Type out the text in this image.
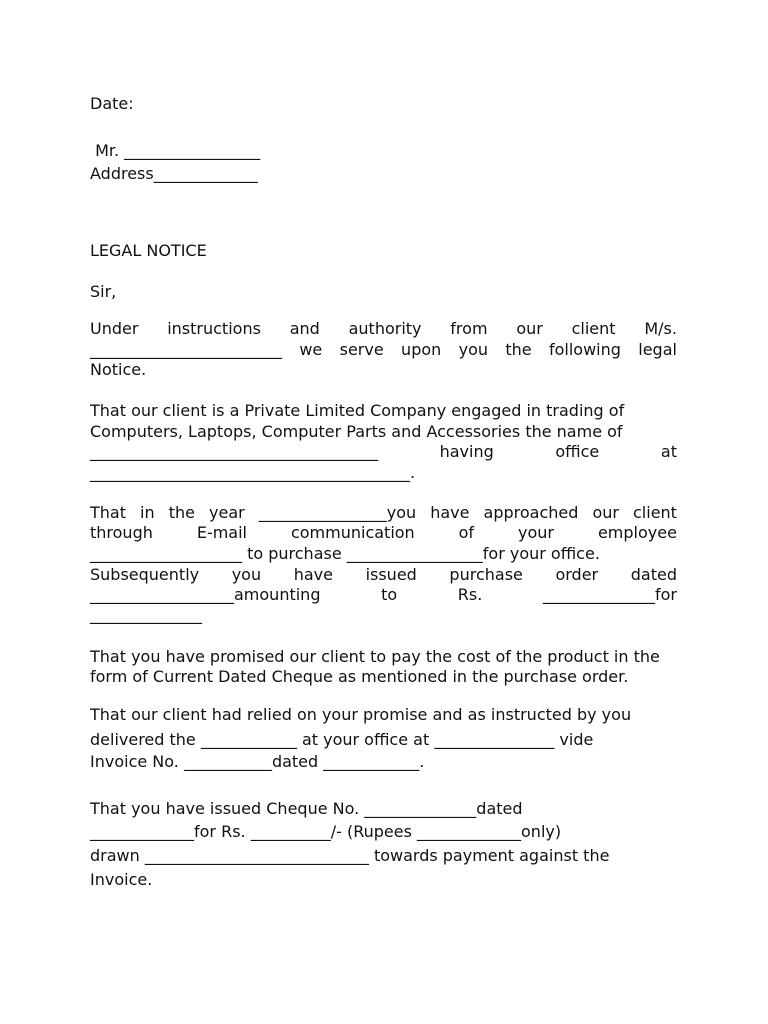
Date:
Mr. _________________
Address_____________
LEGAL NOTICE
Sir,
Under instructions and authority from our client M/s.
________________________ we serve upon you the following legal
Notice.
That our client is a Private Limited Company engaged in trading of
Computers, Laptops, Computer Parts and Accessories the name of
____________________________________	having	office	at
________________________________________.
That in the year ________________you have approached our client
through	E-mail	communication	of	your	employee
___________________ to purchase _________________for your office.
Subsequently you have issued purchase order dated
__________________amounting	to	Rs.	______________for
______________
That you have promised our client to pay the cost of the product in the
form of Current Dated Cheque as mentioned in the purchase order.
That our client had relied on your promise and as instructed by you
delivered the ____________ at your office at _______________ vide
Invoice No. ___________dated ____________.
That you have issued Cheque No. ______________dated
_____________for Rs. __________/- (Rupees _____________only)
drawn ____________________________ towards payment against the
Invoice.
